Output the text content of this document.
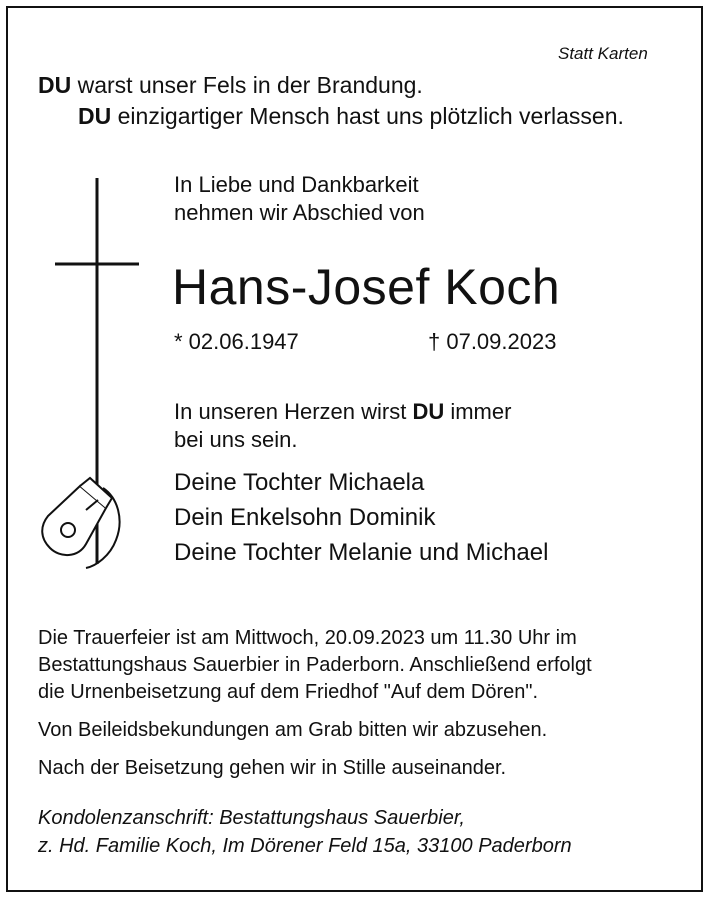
Statt Karten
DU warst unser Fels in der Brandung.
DU einzigartiger Mensch hast uns plötzlich verlassen.
In Liebe und Dankbarkeit
nehmen wir Abschied von
Hans-Josef Koch
* 02.06.1947	† 07.09.2023
In unseren Herzen wirst DU immer
bei uns sein.
Deine Tochter Michaela
Dein Enkelsohn Dominik
Deine Tochter Melanie und Michael
Die Trauerfeier ist am Mittwoch, 20.09.2023 um 11.30 Uhr im
Bestattungshaus Sauerbier in Paderborn. Anschließend erfolgt
die Urnenbeisetzung auf dem Friedhof "Auf dem Dören".
Von Beileidsbekundungen am Grab bitten wir abzusehen.
Nach der Beisetzung gehen wir in Stille auseinander.
Kondolenzanschrift: Bestattungshaus Sauerbier,
z. Hd. Familie Koch, Im Dörener Feld 15a, 33100 Paderborn
